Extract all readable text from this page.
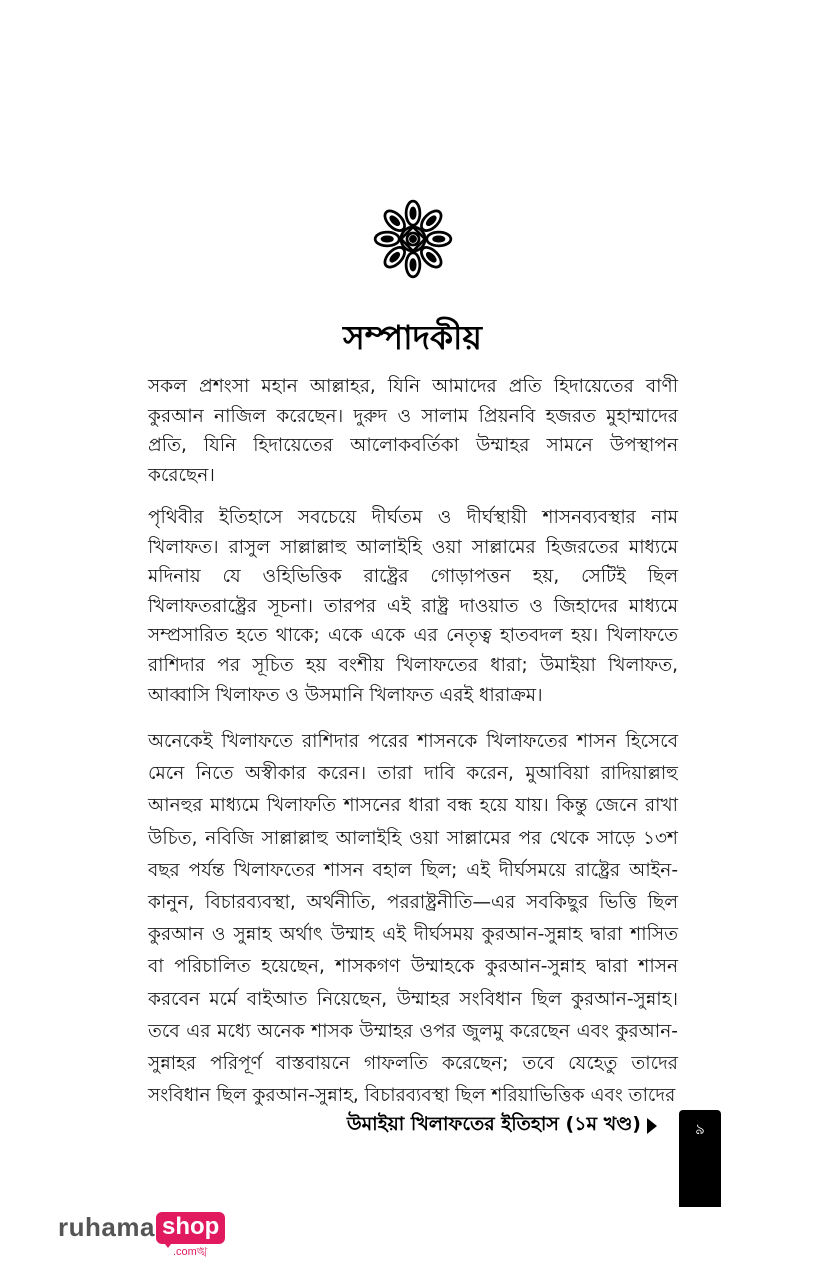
সম্পাদকীয়

সকল প্রশংসা মহান আল্লাহর, যিনি আমাদের প্রতি হিদায়েতের বাণী কুরআন নাজিল করেছেন। দুরুদ ও সালাম প্রিয়নবি হজরত মুহাম্মাদের প্রতি, যিনি হিদায়েতের আলোকবর্তিকা উম্মাহর সামনে উপস্থাপন করেছেন।

পৃথিবীর ইতিহাসে সবচেয়ে দীর্ঘতম ও দীর্ঘস্থায়ী শাসনব্যবস্থার নাম খিলাফত। রাসুল সাল্লাল্লাহু আলাইহি ওয়া সাল্লামের হিজরতের মাধ্যমে মদিনায় যে ওহিভিত্তিক রাষ্ট্রের গোড়াপত্তন হয়, সেটিই ছিল খিলাফতরাষ্ট্রের সূচনা। তারপর এই রাষ্ট্র দাওয়াত ও জিহাদের মাধ্যমে সম্প্রসারিত হতে থাকে; একে একে এর নেতৃত্ব হাতবদল হয়। খিলাফতে রাশিদার পর সূচিত হয় বংশীয় খিলাফতের ধারা; উমাইয়া খিলাফত, আব্বাসি খিলাফত ও উসমানি খিলাফত এরই ধারাক্রম।

অনেকেই খিলাফতে রাশিদার পরের শাসনকে খিলাফতের শাসন হিসেবে মেনে নিতে অস্বীকার করেন। তারা দাবি করেন, মুআবিয়া রাদিয়াল্লাহু আনহুর মাধ্যমে খিলাফতি শাসনের ধারা বন্ধ হয়ে যায়। কিন্তু জেনে রাখা উচিত, নবিজি সাল্লাল্লাহু আলাইহি ওয়া সাল্লামের পর থেকে সাড়ে ১৩শ বছর পর্যন্ত খিলাফতের শাসন বহাল ছিল; এই দীর্ঘসময়ে রাষ্ট্রের আইন-কানুন, বিচারব্যবস্থা, অর্থনীতি, পররাষ্ট্রনীতি—এর সবকিছুর ভিত্তি ছিল কুরআন ও সুন্নাহ অর্থাৎ উম্মাহ এই দীর্ঘসময় কুরআন-সুন্নাহ দ্বারা শাসিত বা পরিচালিত হয়েছেন, শাসকগণ উম্মাহকে কুরআন-সুন্নাহ দ্বারা শাসন করবেন মর্মে বাইআত নিয়েছেন, উম্মাহর সংবিধান ছিল কুরআন-সুন্নাহ। তবে এর মধ্যে অনেক শাসক উম্মাহর ওপর জুলমু করেছেন এবং কুরআন-সুন্নাহর পরিপূর্ণ বাস্তবায়নে গাফলতি করেছেন; তবে যেহেতু তাদের সংবিধান ছিল কুরআন-সুন্নাহ, বিচারব্যবস্থা ছিল শরিয়াভিত্তিক এবং তাদের

উমাইয়া খিলাফতের ইতিহাস (১ম খণ্ড)	৯
ruhama shop
.comঙ্খ
